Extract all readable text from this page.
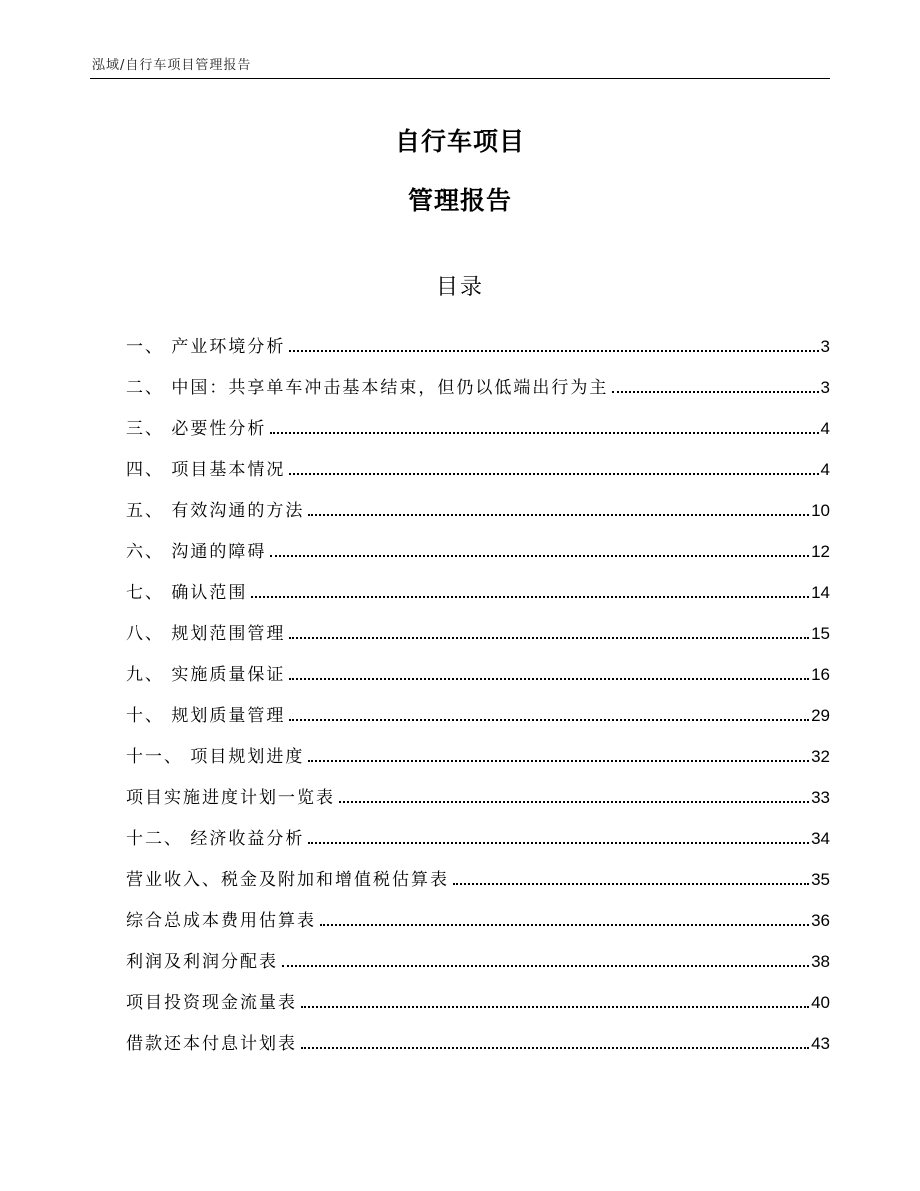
泓域/自行车项目管理报告
自行车项目
管理报告
目录
一、 产业环境分析	3
二、 中国：共享单车冲击基本结束，但仍以低端出行为主	3
三、 必要性分析	4
四、 项目基本情况	4
五、 有效沟通的方法	10
六、 沟通的障碍	12
七、 确认范围	14
八、 规划范围管理	15
九、 实施质量保证	16
十、 规划质量管理	29
十一、 项目规划进度	32
项目实施进度计划一览表	33
十二、 经济收益分析	34
营业收入、税金及附加和增值税估算表	35
综合总成本费用估算表	36
利润及利润分配表	38
项目投资现金流量表	40
借款还本付息计划表	43
